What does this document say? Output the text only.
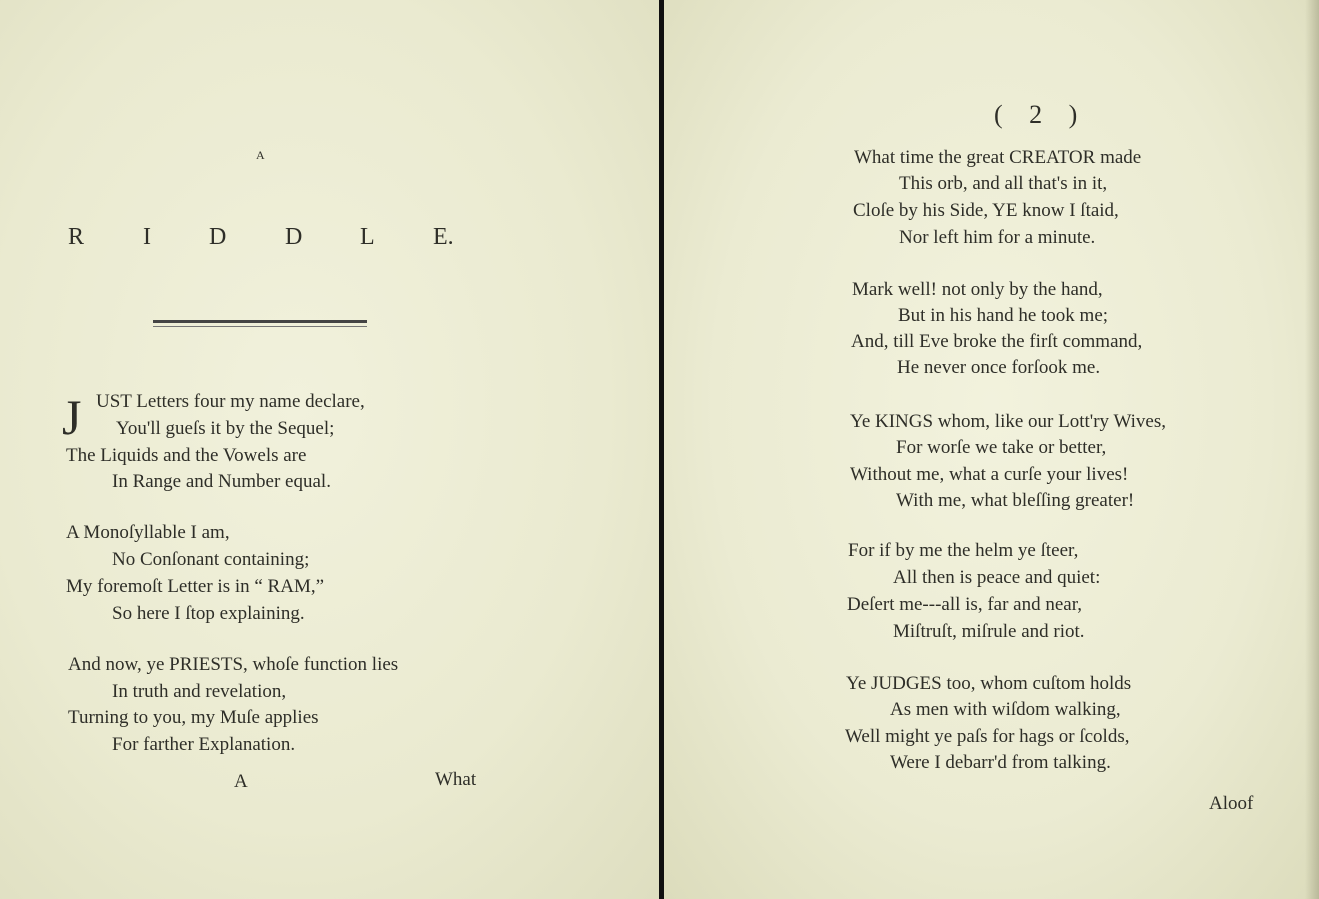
A
R I D D L E.
J UST Letters four my name declare,
You'll gueſs it by the Sequel;
The Liquids and the Vowels are
In Range and Number equal.
A Monoſyllable I am,
No Conſonant containing;
My foremoſt Letter is in “ RAM,”
So here I ſtop explaining.
And now, ye PRIESTS, whoſe function lies
In truth and revelation,
Turning to you, my Muſe applies
For farther Explanation.
A	What
( 2 )
What time the great CREATOR made
This orb, and all that's in it,
Cloſe by his Side, YE know I ſtaid,
Nor left him for a minute.
Mark well! not only by the hand,
But in his hand he took me;
And, till Eve broke the firſt command,
He never once forſook me.
Ye KINGS whom, like our Lott'ry Wives,
For worſe we take or better,
Without me, what a curſe your lives!
With me, what bleſſing greater!
For if by me the helm ye ſteer,
All then is peace and quiet:
Deſert me---all is, far and near,
Miſtruſt, miſrule and riot.
Ye JUDGES too, whom cuſtom holds
As men with wiſdom walking,
Well might ye paſs for hags or ſcolds,
Were I debarr'd from talking.
Aloof
